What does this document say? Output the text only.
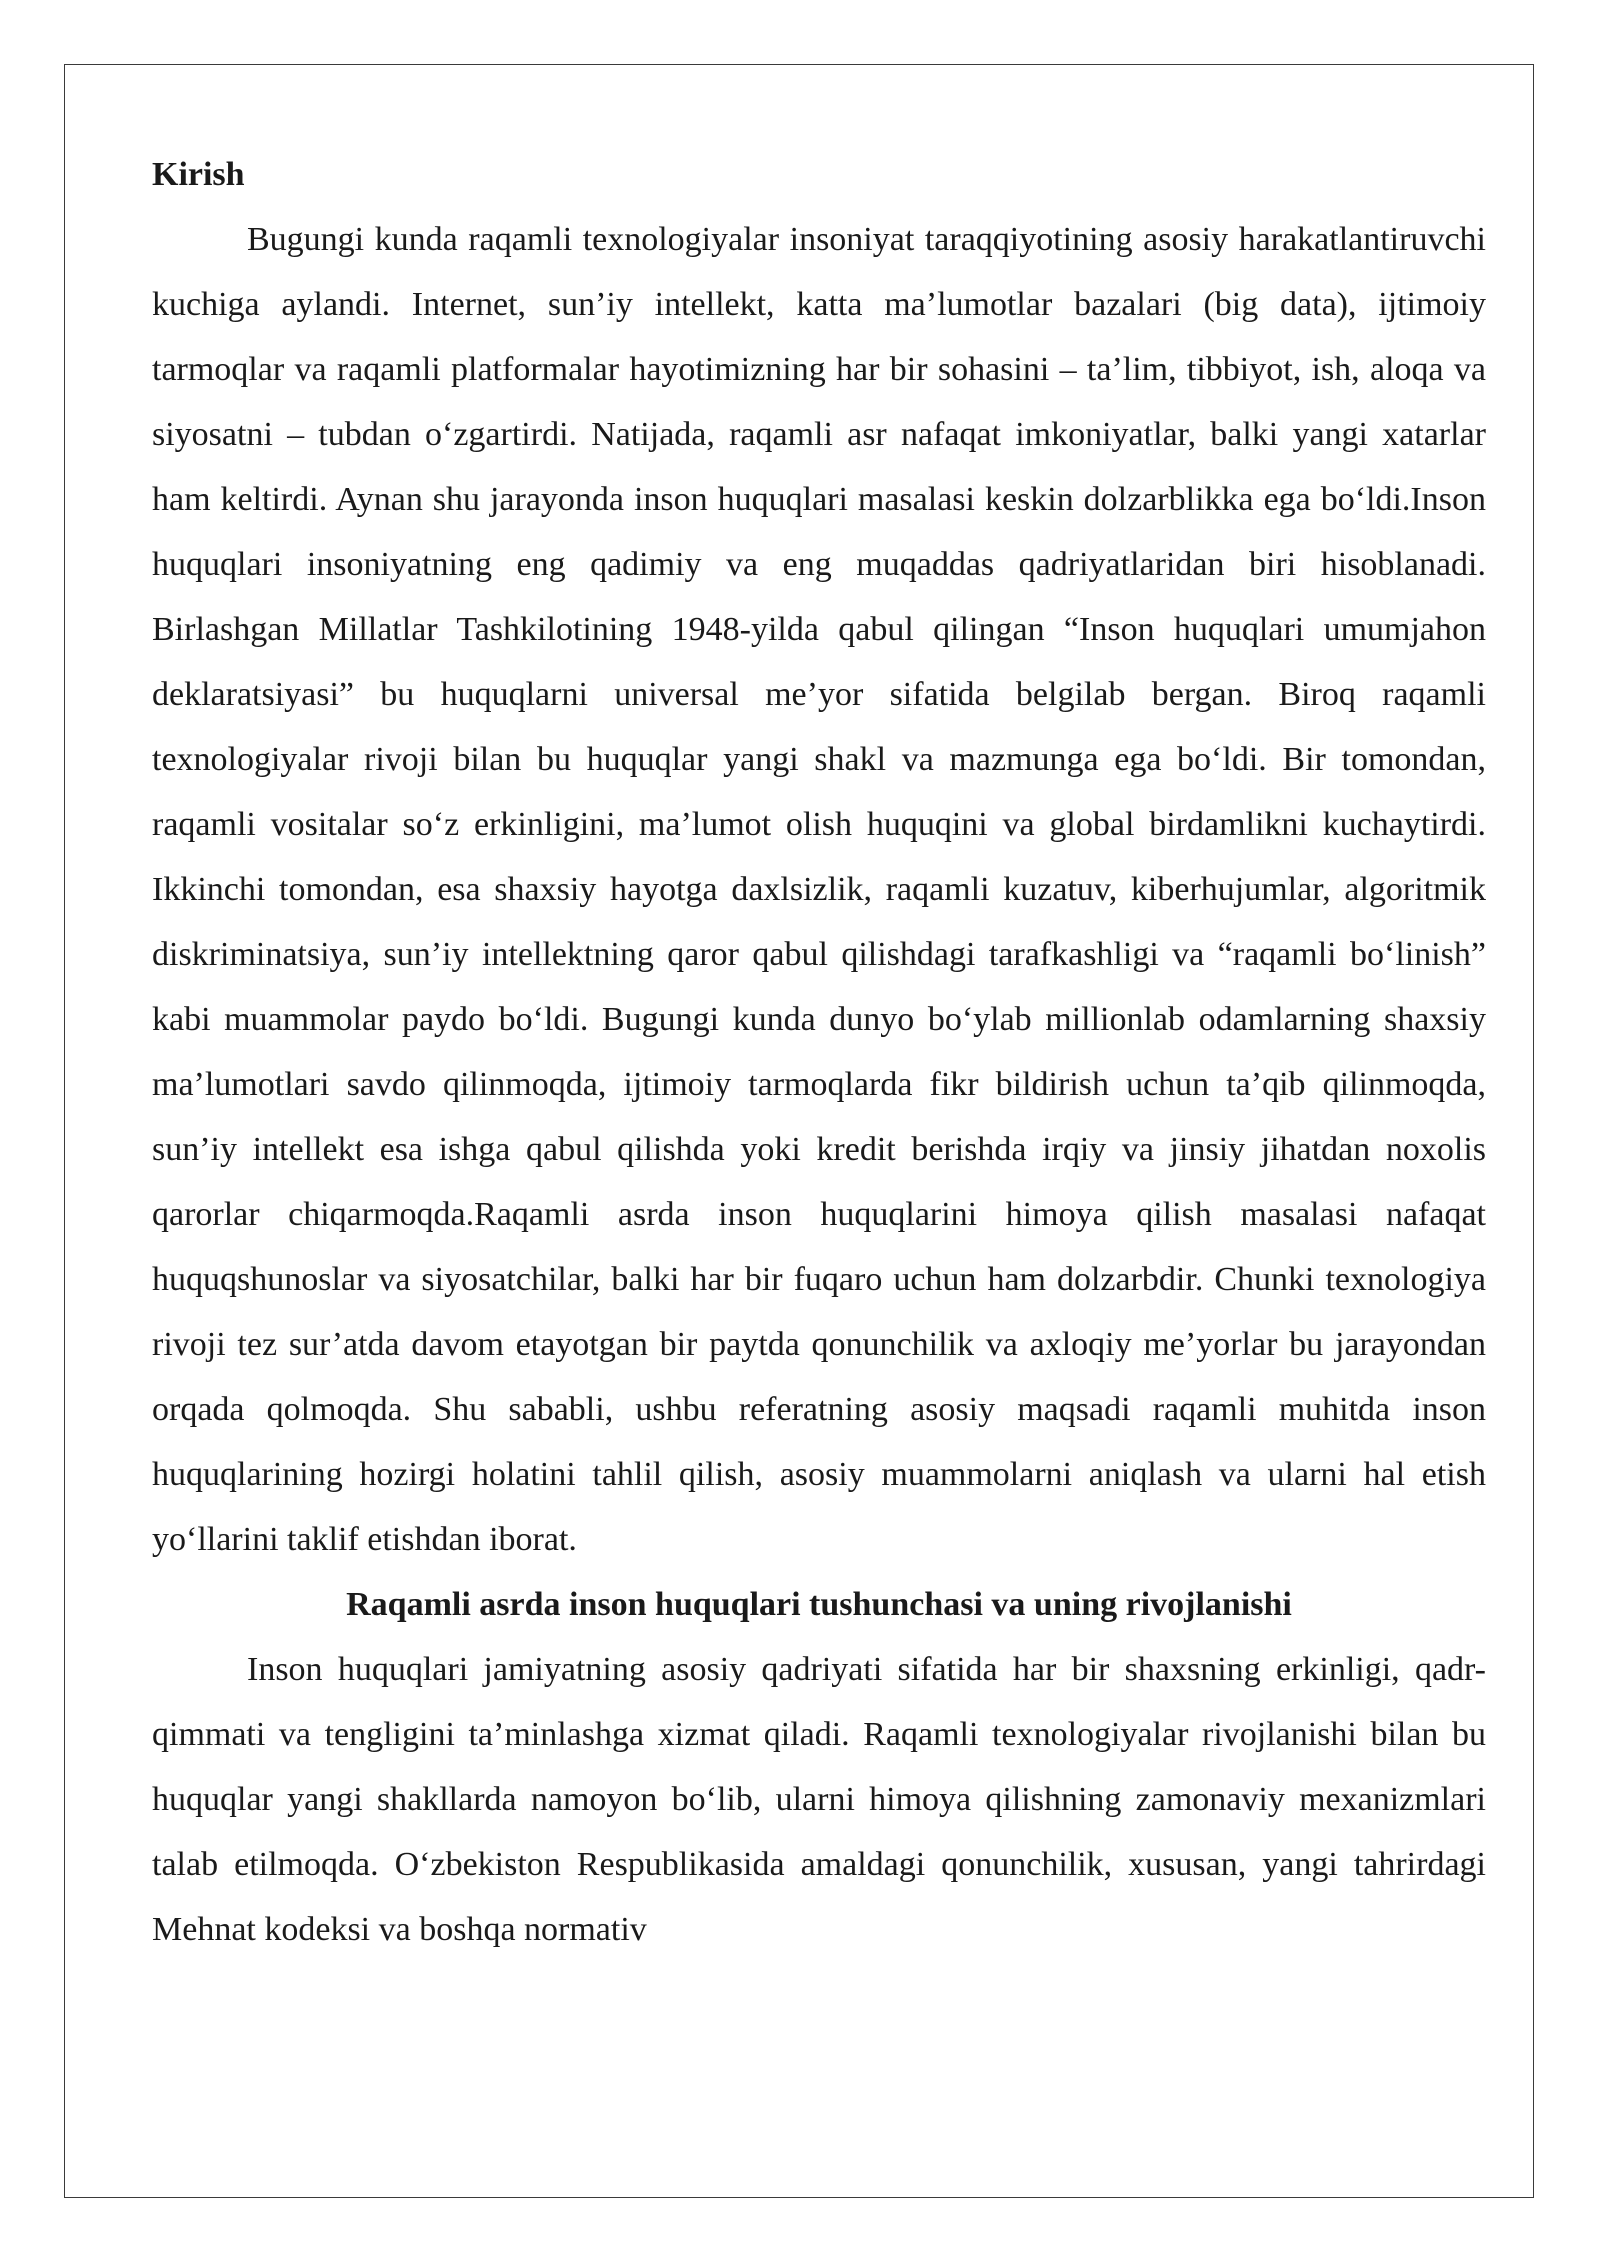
Kirish

Bugungi kunda raqamli texnologiyalar insoniyat taraqqiyotining asosiy harakatlantiruvchi kuchiga aylandi. Internet, sun’iy intellekt, katta ma’lumotlar bazalari (big data), ijtimoiy tarmoqlar va raqamli platformalar hayotimizning har bir sohasini – ta’lim, tibbiyot, ish, aloqa va siyosatni – tubdan o‘zgartirdi. Natijada, raqamli asr nafaqat imkoniyatlar, balki yangi xatarlar ham keltirdi. Aynan shu jarayonda inson huquqlari masalasi keskin dolzarblikka ega bo‘ldi.Inson huquqlari insoniyatning eng qadimiy va eng muqaddas qadriyatlaridan biri hisoblanadi. Birlashgan Millatlar Tashkilotining 1948-yilda qabul qilingan “Inson huquqlari umumjahon deklaratsiyasi” bu huquqlarni universal me’yor sifatida belgilab bergan. Biroq raqamli texnologiyalar rivoji bilan bu huquqlar yangi shakl va mazmunga ega bo‘ldi. Bir tomondan, raqamli vositalar so‘z erkinligini, ma’lumot olish huquqini va global birdamlikni kuchaytirdi. Ikkinchi tomondan, esa shaxsiy hayotga daxlsizlik, raqamli kuzatuv, kiberhujumlar, algoritmik diskriminatsiya, sun’iy intellektning qaror qabul qilishdagi tarafkashligi va “raqamli bo‘linish” kabi muammolar paydo bo‘ldi. Bugungi kunda dunyo bo‘ylab millionlab odamlarning shaxsiy ma’lumotlari savdo qilinmoqda, ijtimoiy tarmoqlarda fikr bildirish uchun ta’qib qilinmoqda, sun’iy intellekt esa ishga qabul qilishda yoki kredit berishda irqiy va jinsiy jihatdan noxolis qarorlar chiqarmoqda.Raqamli asrda inson huquqlarini himoya qilish masalasi nafaqat huquqshunoslar va siyosatchilar, balki har bir fuqaro uchun ham dolzarbdir. Chunki texnologiya rivoji tez sur’atda davom etayotgan bir paytda qonunchilik va axloqiy me’yorlar bu jarayondan orqada qolmoqda. Shu sababli, ushbu referatning asosiy maqsadi raqamli muhitda inson huquqlarining hozirgi holatini tahlil qilish, asosiy muammolarni aniqlash va ularni hal etish yo‘llarini taklif etishdan iborat.

Raqamli asrda inson huquqlari tushunchasi va uning rivojlanishi

Inson huquqlari jamiyatning asosiy qadriyati sifatida har bir shaxsning erkinligi, qadr-qimmati va tengligini ta’minlashga xizmat qiladi. Raqamli texnologiyalar rivojlanishi bilan bu huquqlar yangi shakllarda namoyon bo‘lib, ularni himoya qilishning zamonaviy mexanizmlari talab etilmoqda. O‘zbekiston Respublikasida amaldagi qonunchilik, xususan, yangi tahrirdagi Mehnat kodeksi va boshqa normativ
